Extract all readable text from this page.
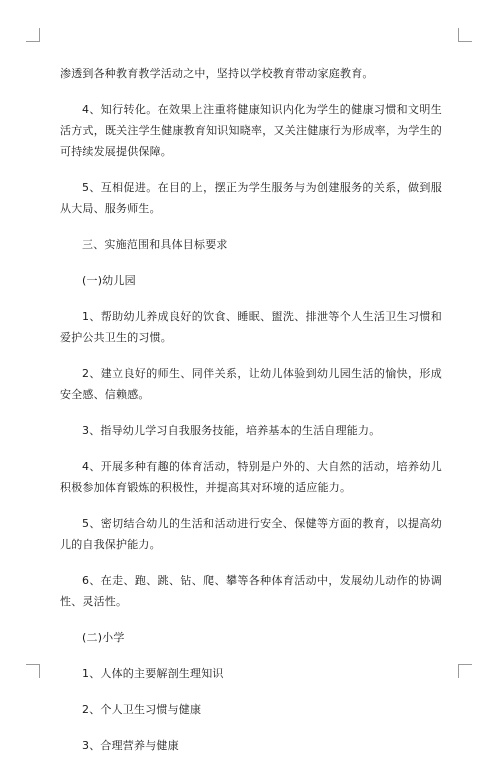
渗透到各种教育教学活动之中，坚持以学校教育带动家庭教育。

4、知行转化。在效果上注重将健康知识内化为学生的健康习惯和文明生活方式，既关注学生健康教育知识知晓率，又关注健康行为形成率，为学生的可持续发展提供保障。

5、互相促进。在目的上，摆正为学生服务与为创建服务的关系，做到服从大局、服务师生。

三、实施范围和具体目标要求

(一)幼儿园

1、帮助幼儿养成良好的饮食、睡眠、盥洗、排泄等个人生活卫生习惯和爱护公共卫生的习惯。

2、建立良好的师生、同伴关系，让幼儿体验到幼儿园生活的愉快，形成安全感、信赖感。

3、指导幼儿学习自我服务技能，培养基本的生活自理能力。

4、开展多种有趣的体育活动，特别是户外的、大自然的活动，培养幼儿积极参加体育锻炼的积极性，并提高其对环境的适应能力。

5、密切结合幼儿的生活和活动进行安全、保健等方面的教育，以提高幼儿的自我保护能力。

6、在走、跑、跳、钻、爬、攀等各种体育活动中，发展幼儿动作的协调性、灵活性。

(二)小学

1、人体的主要解剖生理知识

2、个人卫生习惯与健康

3、合理营养与健康
